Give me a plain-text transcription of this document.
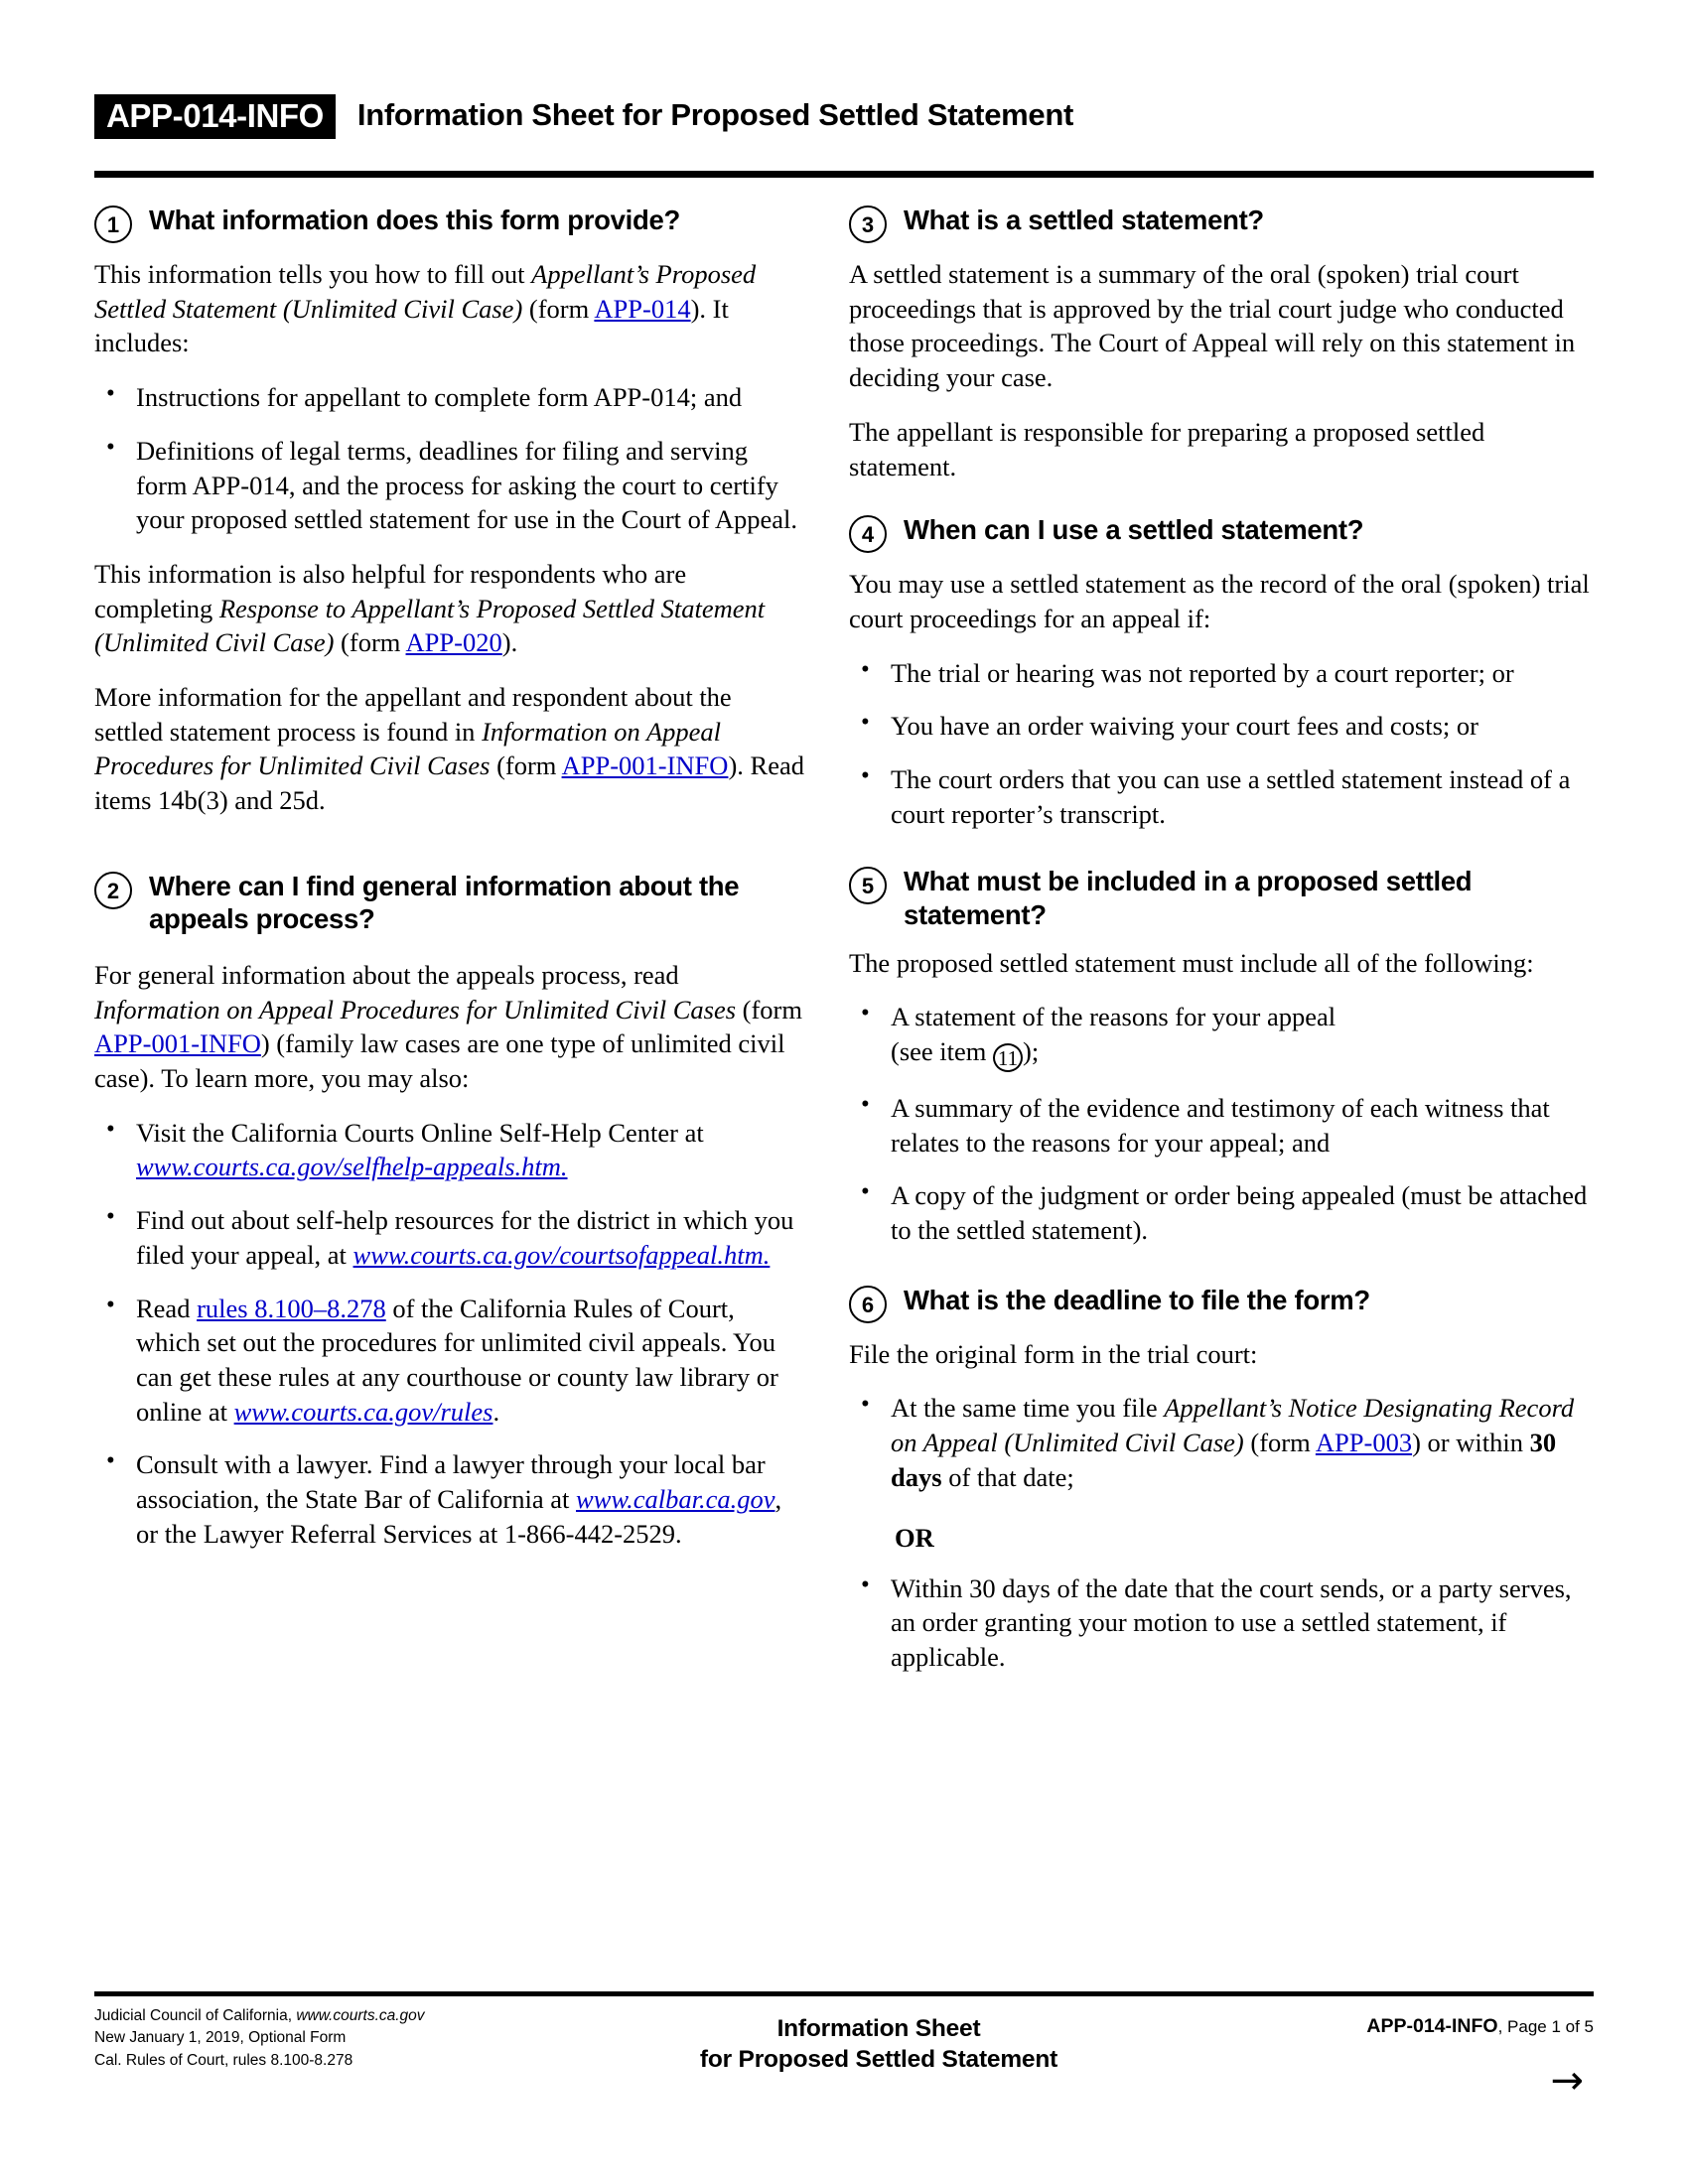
APP-014-INFO Information Sheet for Proposed Settled Statement
1	What information does this form provide?

This information tells you how to fill out Appellant’s Proposed Settled Statement (Unlimited Civil Case) (form APP-014). It includes:

• Instructions for appellant to complete form APP-014; and
• Definitions of legal terms, deadlines for filing and serving form APP-014, and the process for asking the court to certify your proposed settled statement for use in the Court of Appeal.

This information is also helpful for respondents who are completing Response to Appellant’s Proposed Settled Statement (Unlimited Civil Case) (form APP-020).

More information for the appellant and respondent about the settled statement process is found in Information on Appeal Procedures for Unlimited Civil Cases (form APP-001-INFO). Read items 14b(3) and 25d.

2	Where can I find general information about the appeals process?

For general information about the appeals process, read Information on Appeal Procedures for Unlimited Civil Cases (form APP-001-INFO) (family law cases are one type of unlimited civil case). To learn more, you may also:

• Visit the California Courts Online Self-Help Center at www.courts.ca.gov/selfhelp-appeals.htm.
• Find out about self-help resources for the district in which you filed your appeal, at www.courts.ca.gov/courtsofappeal.htm.
• Read rules 8.100–8.278 of the California Rules of Court, which set out the procedures for unlimited civil appeals. You can get these rules at any courthouse or county law library or online at www.courts.ca.gov/rules.
• Consult with a lawyer. Find a lawyer through your local bar association, the State Bar of California at www.calbar.ca.gov, or the Lawyer Referral Services at 1-866-442-2529.
3	What is a settled statement?

A settled statement is a summary of the oral (spoken) trial court proceedings that is approved by the trial court judge who conducted those proceedings. The Court of Appeal will rely on this statement in deciding your case.

The appellant is responsible for preparing a proposed settled statement.

4	When can I use a settled statement?

You may use a settled statement as the record of the oral (spoken) trial court proceedings for an appeal if:

• The trial or hearing was not reported by a court reporter; or
• You have an order waiving your court fees and costs; or
• The court orders that you can use a settled statement instead of a court reporter’s transcript.
5	What must be included in a proposed settled statement?

The proposed settled statement must include all of the following:

• A statement of the reasons for your appeal
(see item 11 );
• A summary of the evidence and testimony of each witness that relates to the reasons for your appeal; and
• A copy of the judgment or order being appealed (must be attached to the settled statement).
6	What is the deadline to file the form?

File the original form in the trial court:

• At the same time you file Appellant’s Notice Designating Record on Appeal (Unlimited Civil Case) (form APP-003) or within 30 days of that date;
OR
• Within 30 days of the date that the court sends, or a party serves, an order granting your motion to use a settled statement, if applicable.
Judicial Council of California, www.courts.ca.gov
New January 1, 2019, Optional Form
Cal. Rules of Court, rules 8.100-8.278
Information Sheet
for Proposed Settled Statement
APP-014-INFO, Page 1 of 5
→
